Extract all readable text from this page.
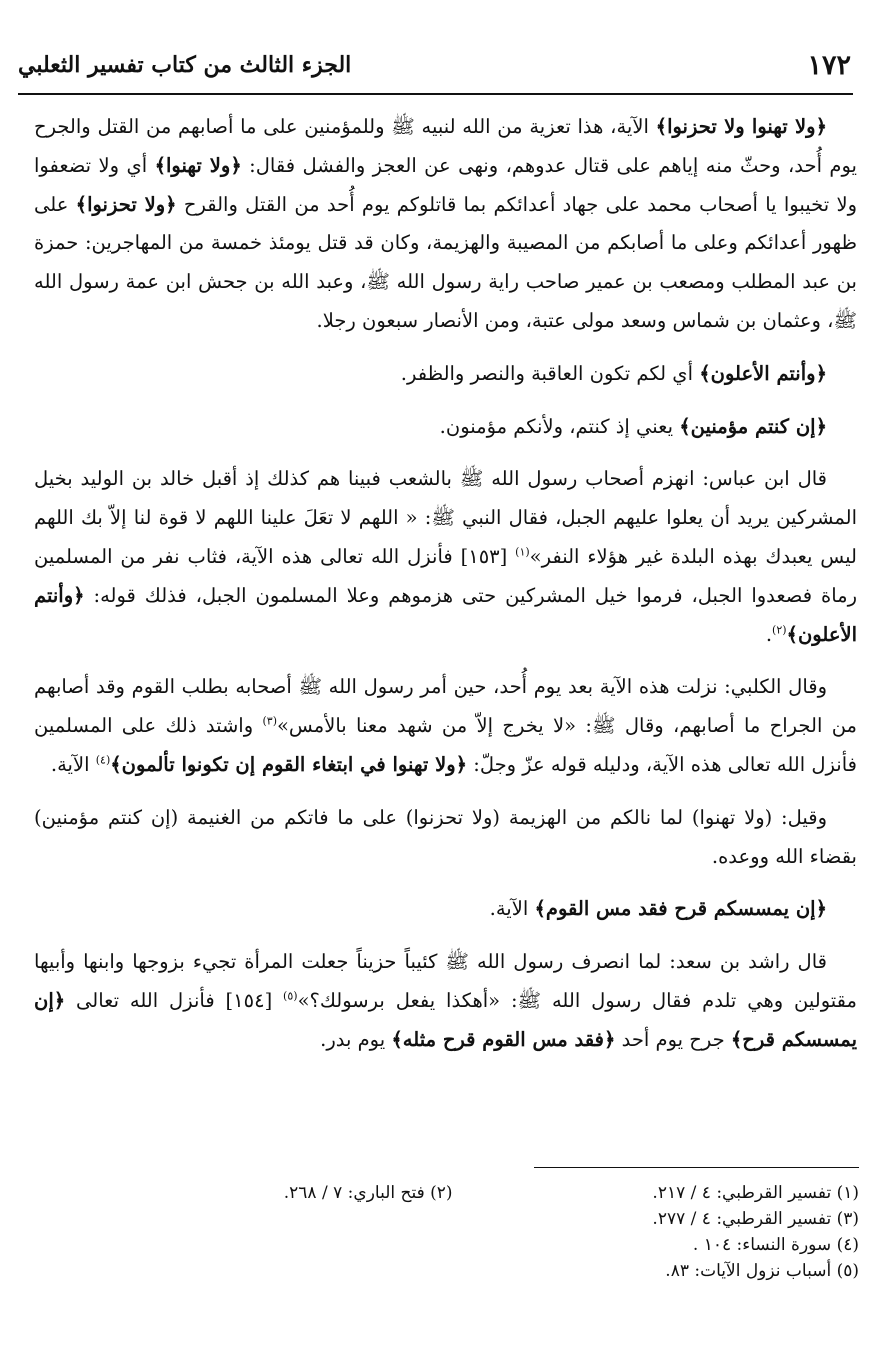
١٧٢
الجزء الثالث من كتاب تفسير الثعلبي

﴿ولا تهنوا ولا تحزنوا﴾ الآية، هذا تعزية من الله لنبيه ﷺ وللمؤمنين على ما أصابهم من القتل والجرح يوم أُحد، وحثّ منه إياهم على قتال عدوهم، ونهى عن العجز والفشل فقال: ﴿ولا تهنوا﴾ أي ولا تضعفوا ولا تخيبوا يا أصحاب محمد على جهاد أعدائكم بما قاتلوكم يوم أُحد من القتل والقرح ﴿ولا تحزنوا﴾ على ظهور أعدائكم وعلى ما أصابكم من المصيبة والهزيمة، وكان قد قتل يومئذ خمسة من المهاجرين: حمزة بن عبد المطلب ومصعب بن عمير صاحب راية رسول الله ﷺ، وعبد الله بن جحش ابن عمة رسول الله ﷺ، وعثمان بن شماس وسعد مولى عتبة، ومن الأنصار سبعون رجلا.

﴿وأنتم الأعلون﴾ أي لكم تكون العاقبة والنصر والظفر.

﴿إن كنتم مؤمنين﴾ يعني إذ كنتم، ولأنكم مؤمنون.

قال ابن عباس: انهزم أصحاب رسول الله ﷺ بالشعب فبينا هم كذلك إذ أقبل خالد بن الوليد بخيل المشركين يريد أن يعلوا عليهم الجبل، فقال النبي ﷺ: « اللهم لا تعَلَ علينا اللهم لا قوة لنا إلاّ بك اللهم ليس يعبدك بهذه البلدة غير هؤلاء النفر»$^{(١)}$ [١٥٣] فأنزل الله تعالى هذه الآية، فثاب نفر من المسلمين رماة فصعدوا الجبل، فرموا خيل المشركين حتى هزموهم وعلا المسلمون الجبل، فذلك قوله: ﴿وأنتم الأعلون﴾$^{(٢)}$.

وقال الكلبي: نزلت هذه الآية بعد يوم أُحد، حين أمر رسول الله ﷺ أصحابه بطلب القوم وقد أصابهم من الجراح ما أصابهم، وقال ﷺ: «لا يخرج إلاّ من شهد معنا بالأمس»$^{(٣)}$ واشتد ذلك على المسلمين فأنزل الله تعالى هذه الآية، ودليله قوله عزّ وجلّ: ﴿ولا تهنوا في ابتغاء القوم إن تكونوا تألمون﴾$^{(٤)}$ الآية.

وقيل: (ولا تهنوا) لما نالكم من الهزيمة (ولا تحزنوا) على ما فاتكم من الغنيمة (إن كنتم مؤمنين) بقضاء الله ووعده.

﴿إن يمسسكم قرح فقد مس القوم﴾ الآية.

قال راشد بن سعد: لما انصرف رسول الله ﷺ كئيباً حزيناً جعلت المرأة تجيء بزوجها وابنها وأبيها مقتولين وهي تلدم فقال رسول الله ﷺ: «أهكذا يفعل برسولك؟»$^{(٥)}$ [١٥٤] فأنزل الله تعالى ﴿إن يمسسكم قرح﴾ جرح يوم أحد ﴿فقد مس القوم قرح مثله﴾ يوم بدر.

(١) تفسير القرطبي: ٤ / ٢١٧.
(٢) فتح الباري: ٧ / ٢٦٨.
(٣) تفسير القرطبي: ٤ / ٢٧٧.
(٤) سورة النساء: ١٠٤ .
(٥) أسباب نزول الآيات: ٨٣.
